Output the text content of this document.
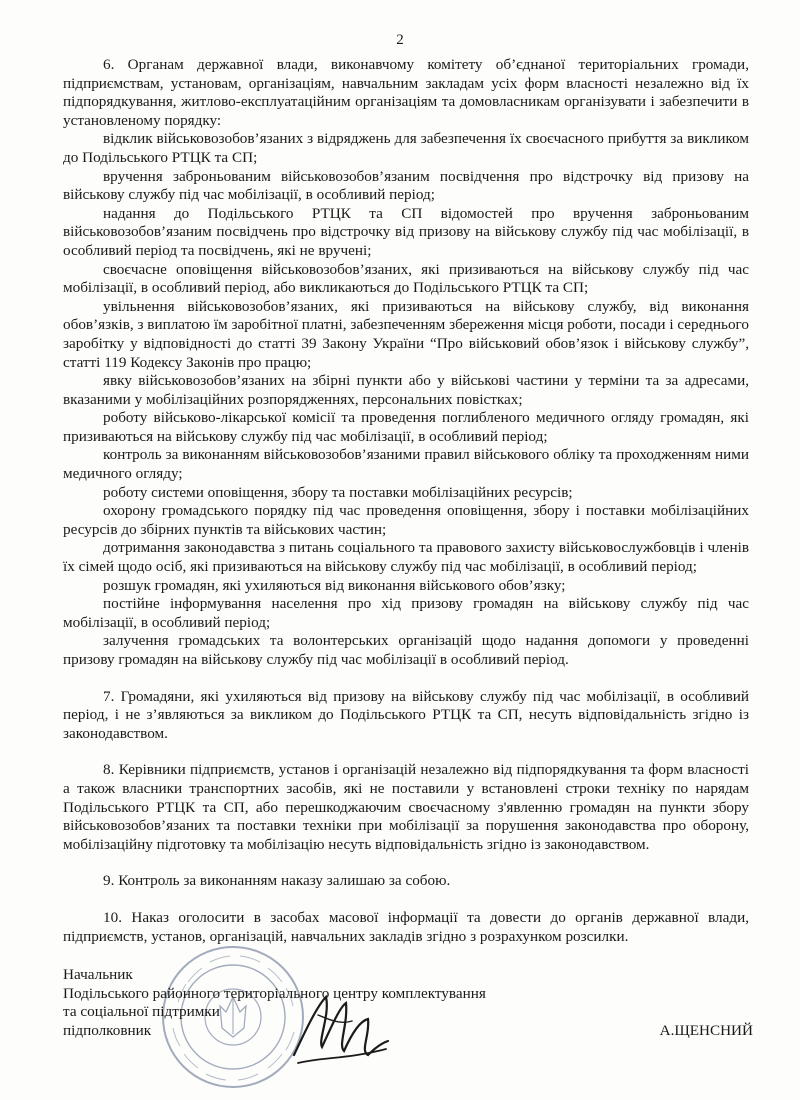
2

6. Органам державної влади, виконавчому комітету об’єднаної територіальних громади, підприємствам, установам, організаціям, навчальним закладам усіх форм власності незалежно від їх підпорядкування, житлово-експлуатаційним організаціям та домовласникам організувати і забезпечити в установленому порядку:

відклик військовозобов’язаних з відряджень для забезпечення їх своєчасного прибуття за викликом до Подільського РТЦК та СП;

вручення заброньованим військовозобов’язаним посвідчення про відстрочку від призову на військову службу під час мобілізації, в особливий період;

надання до Подільського РТЦК та СП відомостей про вручення заброньованим військовозобов’язаним посвідчень про відстрочку від призову на військову службу під час мобілізації, в особливий період та посвідчень, які не вручені;

своєчасне оповіщення військовозобов’язаних, які призиваються на військову службу під час мобілізації, в особливий період, або викликаються до Подільського РТЦК та СП;

увільнення військовозобов’язаних, які призиваються на військову службу, від виконання обов’язків, з виплатою їм заробітної платні, забезпеченням збереження місця роботи, посади і середнього заробітку у відповідності до статті 39 Закону України “Про військовий обов’язок і військову службу”, статті 119 Кодексу Законів про працю;

явку військовозобов’язаних на збірні пункти або у військові частини у терміни та за адресами, вказаними у мобілізаційних розпорядженнях, персональних повістках;

роботу військово-лікарської комісії та проведення поглибленого медичного огляду громадян, які призиваються на військову службу під час мобілізації, в особливий період;

контроль за виконанням військовозобов’язаними правил військового обліку та проходженням ними медичного огляду;

роботу системи оповіщення, збору та поставки мобілізаційних ресурсів;

охорону громадського порядку під час проведення оповіщення, збору і поставки мобілізаційних ресурсів до збірних пунктів та військових частин;

дотримання законодавства з питань соціального та правового захисту військовослужбовців і членів їх сімей щодо осіб, які призиваються на військову службу під час мобілізації, в особливий період;

розшук громадян, які ухиляються від виконання військового обов’язку;

постійне інформування населення про хід призову громадян на військову службу під час мобілізації, в особливий період;

залучення громадських та волонтерських організацій щодо надання допомоги у проведенні призову громадян на військову службу під час мобілізації в особливий період.

7. Громадяни, які ухиляються від призову на військову службу під час мобілізації, в особливий період, і не з’являються за викликом до Подільського РТЦК та СП, несуть відповідальність згідно із законодавством.

8. Керівники підприємств, установ і організацій незалежно від підпорядкування та форм власності а також власники транспортних засобів, які не поставили у встановлені строки техніку по нарядам Подільського РТЦК та СП, або перешкоджаючим своєчасному з'явленню громадян на пункти збору військовозобов’язаних та поставки техніки при мобілізації за порушення законодавства про оборону, мобілізаційну підготовку та мобілізацію несуть відповідальність згідно із законодавством.

9. Контроль за виконанням наказу залишаю за собою.

10. Наказ оголосити в засобах масової інформації та довести до органів державної влади, підприємств, установ, організацій, навчальних закладів згідно з розрахунком розсилки.

Начальник
Подільського районного територіального центру комплектування
та соціальної підтримки
підполковник	А.ЩЕНСНИЙ
